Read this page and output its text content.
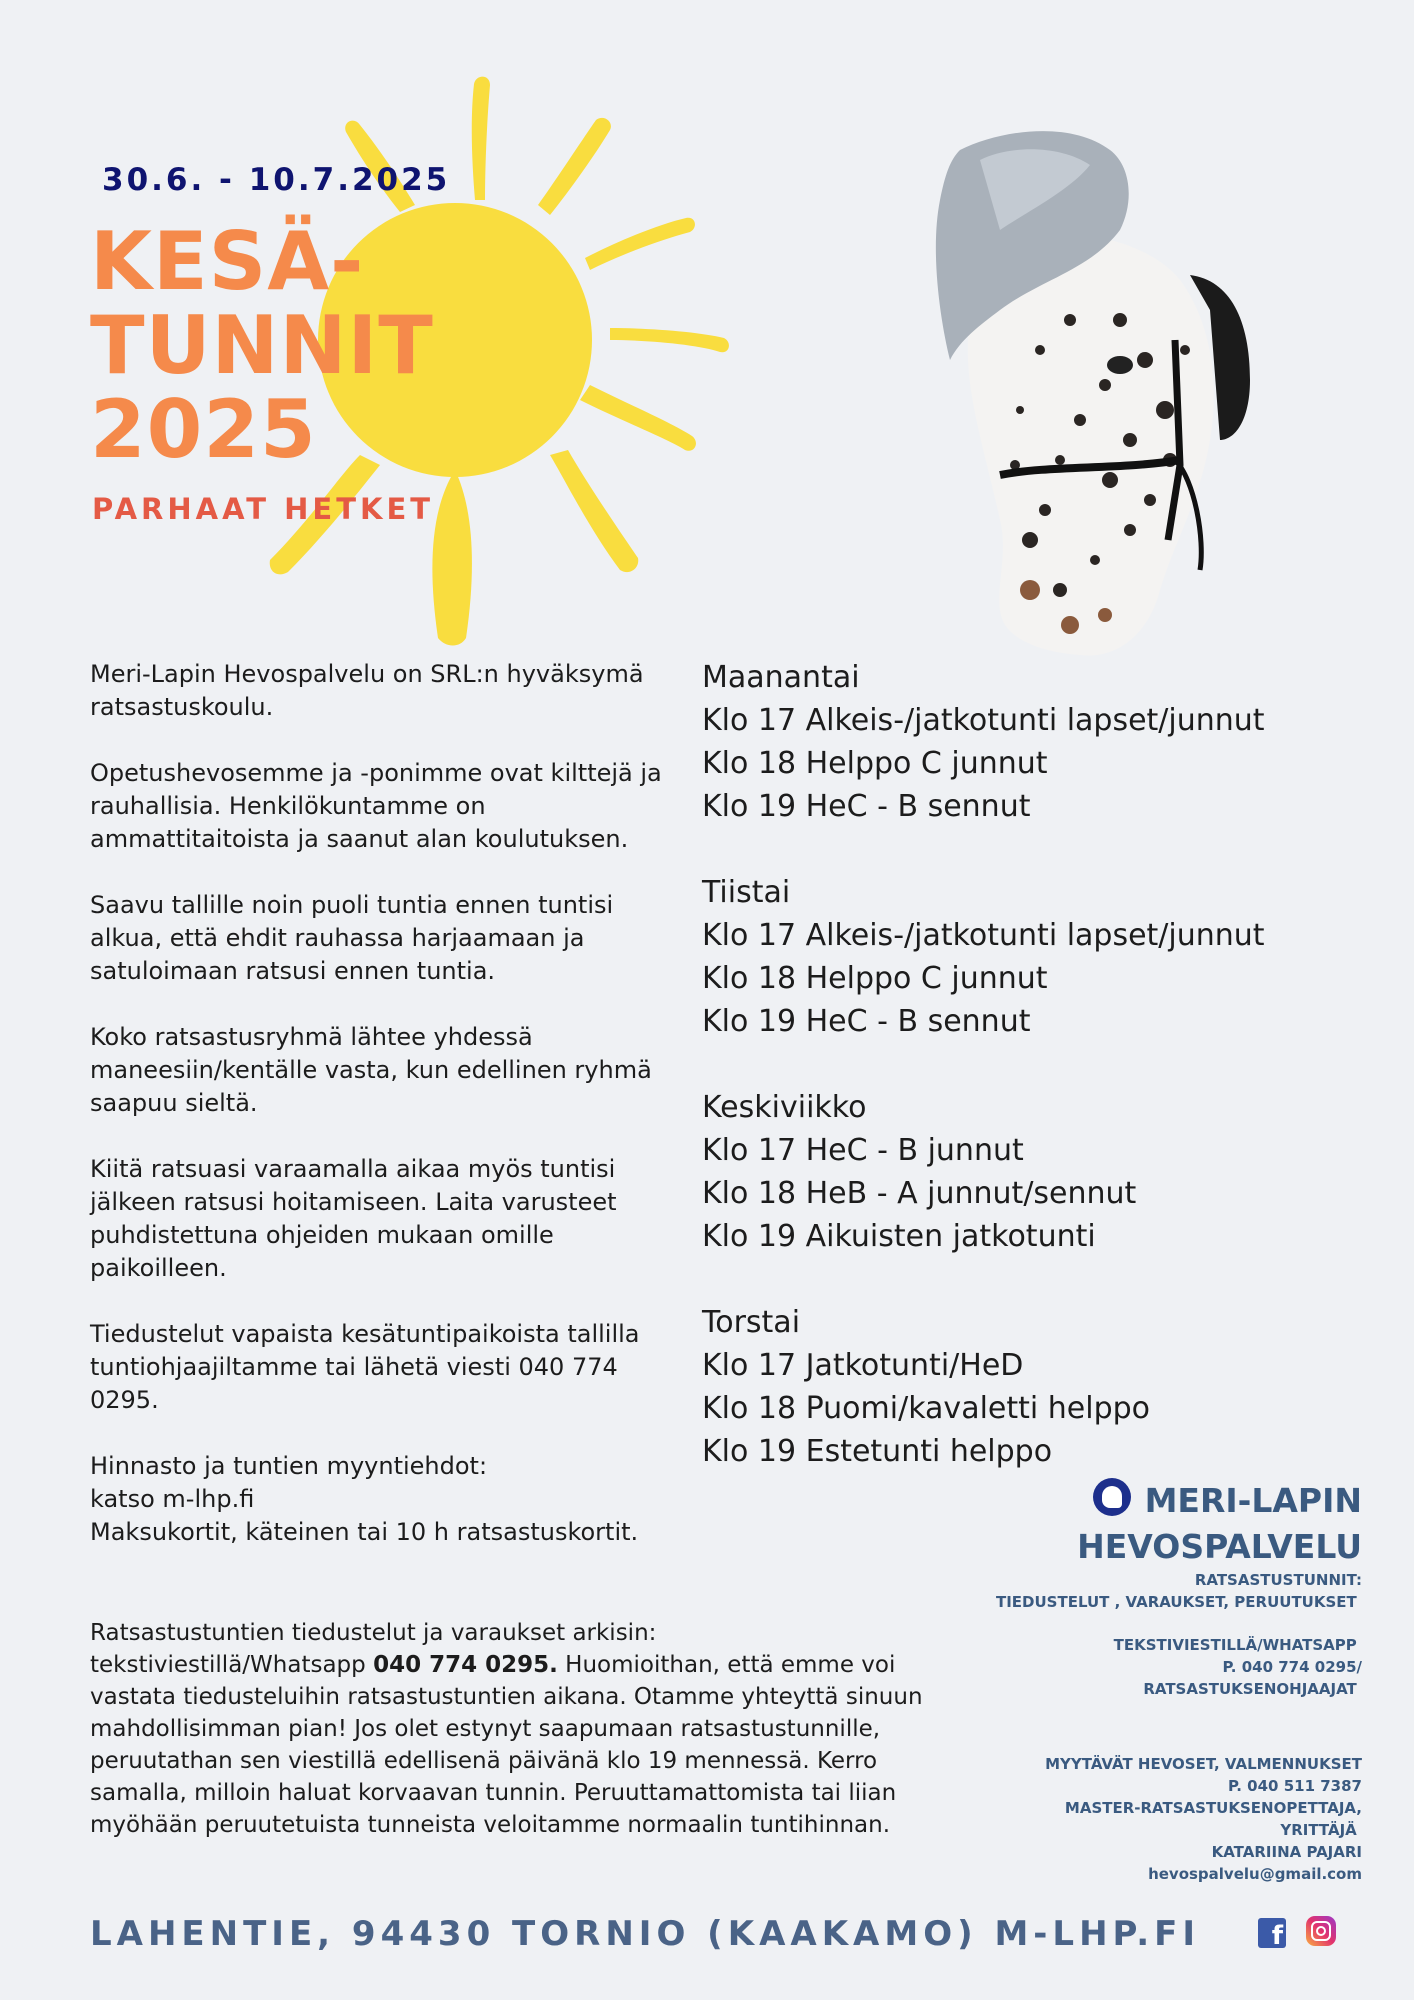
30.6. - 10.7.2025
KESÄ-
TUNNIT
2025
PARHAAT HETKET

Meri-Lapin Hevospalvelu on SRL:n hyväksymä ratsastuskoulu.

Opetushevosemme ja -ponimme ovat kilttejä ja rauhallisia. Henkilökuntamme on ammattitaitoista ja saanut alan koulutuksen.

Saavu tallille noin puoli tuntia ennen tuntisi alkua, että ehdit rauhassa harjaamaan ja satuloimaan ratsusi ennen tuntia.

Koko ratsastusryhmä lähtee yhdessä maneesiin/kentälle vasta, kun edellinen ryhmä saapuu sieltä.

Kiitä ratsuasi varaamalla aikaa myös tuntisi jälkeen ratsusi hoitamiseen. Laita varusteet puhdistettuna ohjeiden mukaan omille paikoilleen.

Tiedustelut vapaista kesätuntipaikoista tallilla tuntiohjaajiltamme tai lähetä viesti 040 774 0295.

Hinnasto ja tuntien myyntiehdot:

katso m-lhp.fi

Maksukortit, käteinen tai 10 h ratsastuskortit.

Maanantai
Klo 17 Alkeis-/jatkotunti lapset/junnut
Klo 18 Helppo C junnut
Klo 19 HeC - B sennut
Tiistai
Klo 17 Alkeis-/jatkotunti lapset/junnut
Klo 18 Helppo C junnut
Klo 19 HeC - B sennut
Keskiviikko
Klo 17 HeC - B junnut
Klo 18 HeB - A junnut/sennut
Klo 19 Aikuisten jatkotunti
Torstai
Klo 17 Jatkotunti/HeD
Klo 18 Puomi/kavaletti helppo
Klo 19 Estetunti helppo
MERI-LAPIN
HEVOSPALVELU
RATSASTUSTUNNIT:
TIEDUSTELUT , VARAUKSET, PERUUTUKSET
TEKSTIVIESTILLÄ/WHATSAPP
P. 040 774 0295/
RATSASTUKSENOHJAAJAT
MYYTÄVÄT HEVOSET, VALMENNUKSET
P. 040 511 7387
MASTER-RATSASTUKSENOPETTAJA,
YRITTÄJÄ
KATARIINA PAJARI
hevospalvelu@gmail.com

Ratsastustuntien tiedustelut ja varaukset arkisin:
tekstiviestillä/Whatsapp 040 774 0295. Huomioithan, että emme voi vastata tiedusteluihin ratsastustuntien aikana. Otamme yhteyttä sinuun mahdollisimman pian! Jos olet estynyt saapumaan ratsastustunnille, peruutathan sen viestillä edellisenä päivänä klo 19 mennessä. Kerro samalla, milloin haluat korvaavan tunnin. Peruuttamattomista tai liian myöhään peruutetuista tunneista veloitamme normaalin tuntihinnan.

LAHENTIE, 94430 TORNIO (KAAKAMO) M-LHP.FI	f
